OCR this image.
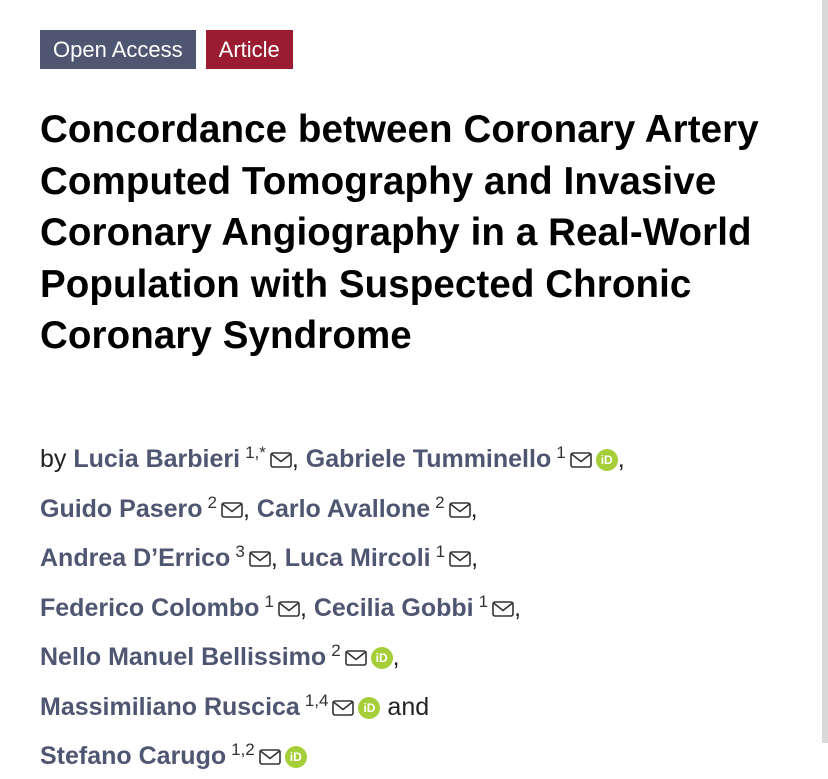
Open Access	Article
Concordance between Coronary Artery Computed Tomography and Invasive Coronary Angiography in a Real-World Population with Suspected Chronic Coronary Syndrome
by Lucia Barbieri $^{1,*}$ , Gabriele Tumminello $^1$	iD ,
Guido Pasero $^2$ , Carlo Avallone $^2$ ,
Andrea D’Errico $^3$ , Luca Mircoli $^1$ ,
Federico Colombo $^1$ , Cecilia Gobbi $^1$ ,
Nello Manuel Bellissimo $^2$	iD ,
Massimiliano Ruscica $^{1,4}$	iD and
Stefano Carugo $^{1,2}$	iD
